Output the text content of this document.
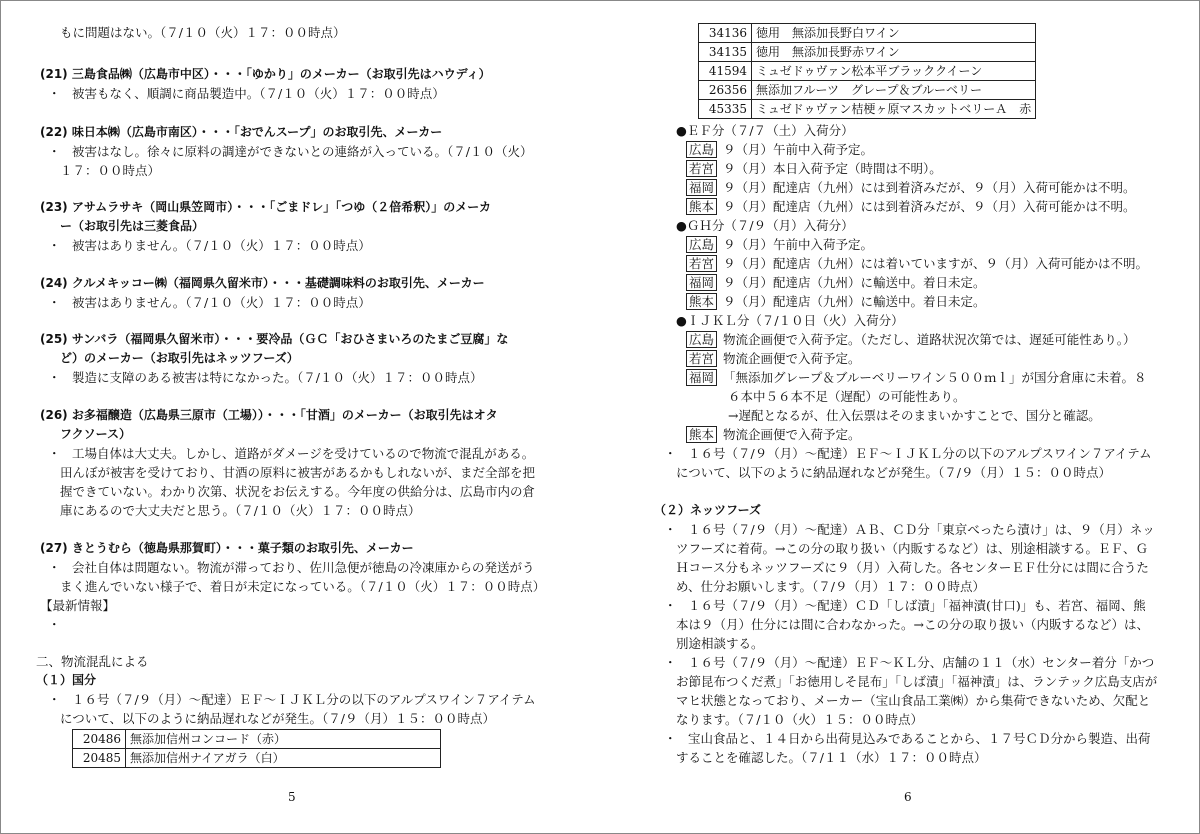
もに問題はない。（７/１０（火）１７：００時点）
(21) 三島食品㈱（広島市中区）・・・「ゆかり」のメーカー（お取引先はハウディ）
・ 被害もなく、順調に商品製造中。（７/１０（火）１７：００時点）
(22) 味日本㈱（広島市南区）・・・「おでんスープ」のお取引先、メーカー
・ 被害はなし。徐々に原料の調達ができないとの連絡が入っている。（７/１０（火）
１７：００時点）
(23) アサムラサキ（岡山県笠岡市）・・・「ごまドレ」「つゆ（２倍希釈）」のメーカ
ー（お取引先は三菱食品）
・ 被害はありません。（７/１０（火）１７：００時点）
(24) クルメキッコー㈱（福岡県久留米市）・・・基礎調味料のお取引先、メーカー
・ 被害はありません。（７/１０（火）１７：００時点）
(25) サンバラ（福岡県久留米市）・・・要冷品（ＧＣ「おひさまいろのたまご豆腐」な
ど）のメーカー（お取引先はネッツフーズ）
・ 製造に支障のある被害は特になかった。（７/１０（火）１７：００時点）
(26) お多福醸造（広島県三原市（工場））・・・「甘酒」のメーカー（お取引先はオタ
フクソース）
・ 工場自体は大丈夫。しかし、道路がダメージを受けているので物流で混乱がある。
田んぼが被害を受けており、甘酒の原料に被害があるかもしれないが、まだ全部を把
握できていない。わかり次第、状況をお伝えする。今年度の供給分は、広島市内の倉
庫にあるので大丈夫だと思う。（７/１０（火）１７：００時点）
(27) きとうむら（徳島県那賀町）・・・菓子類のお取引先、メーカー
・ 会社自体は問題ない。物流が滞っており、佐川急便が徳島の冷凍庫からの発送がう
まく進んでいない様子で、着日が未定になっている。（７/１０（火）１７：００時点）
【最新情報】
・
二、物流混乱による
（１）国分
・ １６号（７/９（月）～配達）ＥＦ～ＩＪＫＬ分の以下のアルプスワイン７アイテム
について、以下のように納品遅れなどが発生。（７/９（月）１５：００時点）
20486	無添加信州コンコード（赤）
20485	無添加信州ナイアガラ（白）
5
34136	徳用　無添加長野白ワイン
34135	徳用　無添加長野赤ワイン
41594	ミュゼドゥヴァン松本平ブラッククイーン
26356	無添加フルーツ　グレープ＆ブルーベリー
45335	ミュゼドゥヴァン桔梗ヶ原マスカットベリーＡ　赤
●ＥＦ分（７/７（土）入荷分）
広島 ９（月）午前中入荷予定。
若宮 ９（月）本日入荷予定（時間は不明）。
福岡 ９（月）配達店（九州）には到着済みだが、９（月）入荷可能かは不明。
熊本 ９（月）配達店（九州）には到着済みだが、９（月）入荷可能かは不明。
●ＧＨ分（７/９（月）入荷分）
広島 ９（月）午前中入荷予定。
若宮 ９（月）配達店（九州）には着いていますが、９（月）入荷可能かは不明。
福岡 ９（月）配達店（九州）に輸送中。着日未定。
熊本 ９（月）配達店（九州）に輸送中。着日未定。
●ＩＪＫＬ分（７/１０日（火）入荷分）
広島 物流企画便で入荷予定。（ただし、道路状況次第では、遅延可能性あり。）
若宮 物流企画便で入荷予定。
福岡 「無添加グレープ＆ブルーベリーワイン５００ｍｌ」が国分倉庫に未着。８
６本中５６本不足（遅配）の可能性あり。
→遅配となるが、仕入伝票はそのままいかすことで、国分と確認。
熊本 物流企画便で入荷予定。
・ １６号（７/９（月）～配達）ＥＦ～ＩＪＫＬ分の以下のアルプスワイン７アイテム
について、以下のように納品遅れなどが発生。（７/９（月）１５：００時点）
（２）ネッツフーズ
・ １６号（７/９（月）～配達）ＡＢ、ＣＤ分「東京べったら漬け」は、９（月）ネッ
ツフーズに着荷。→この分の取り扱い（内販するなど）は、別途相談する。ＥＦ、Ｇ
Ｈコース分もネッツフーズに９（月）入荷した。各センターＥＦ仕分には間に合うた
め、仕分お願いします。（７/９（月）１７：００時点）
・ １６号（７/９（月）～配達）ＣＤ「しば漬」「福神漬(甘口)」も、若宮、福岡、熊
本は９（月）仕分には間に合わなかった。→この分の取り扱い（内販するなど）は、
別途相談する。
・ １６号（７/９（月）～配達）ＥＦ～ＫＬ分、店舗の１１（水）センター着分「かつ
お節昆布つくだ煮」「お徳用しそ昆布」「しば漬」「福神漬」は、ランテック広島支店が
マヒ状態となっており、メーカー（宝山食品工業㈱）から集荷できないため、欠配と
なります。（７/１０（火）１５：００時点）
・ 宝山食品と、１４日から出荷見込みであることから、１７号ＣＤ分から製造、出荷
することを確認した。（７/１１（水）１７：００時点）
6
